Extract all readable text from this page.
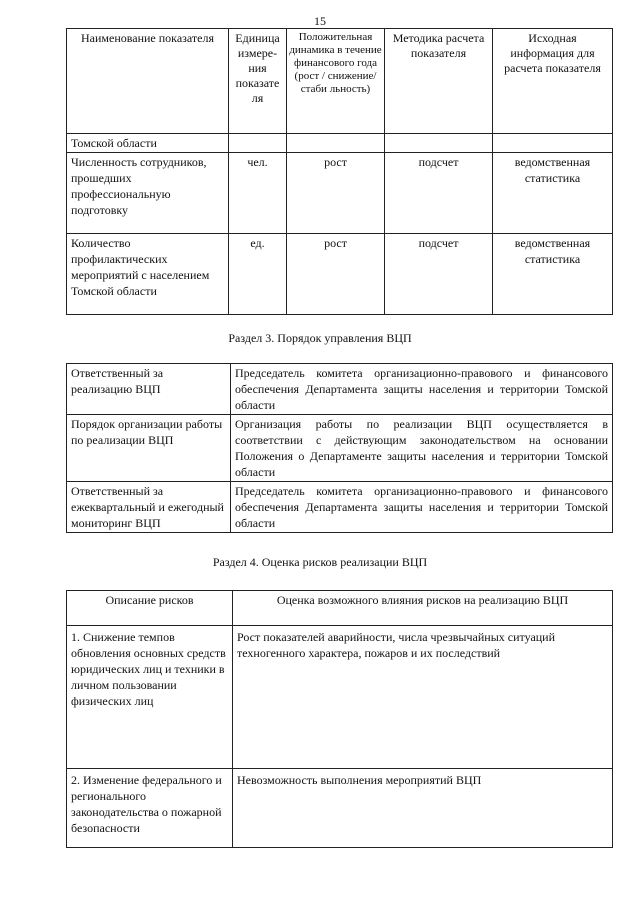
15
Наименование показателя	Единица измере-ния показате ля	Положительная динамика в течение финансового года (рост / снижение/стаби льность)	Методика расчета показателя	Исходная информация для расчета показателя
Томской области				
Численность сотрудников, прошедших профессиональную подготовку	чел.	рост	подсчет	ведомственная статистика
Количество профилактических мероприятий с населением Томской области	ед.	рост	подсчет	ведомственная статистика
Раздел 3. Порядок управления ВЦП
Ответственный за реализацию ВЦП	Председатель комитета организационно-правового и финансового обеспечения Департамента защиты населения и территории Томской области
Порядок организации работы по реализации ВЦП	Организация работы по реализации ВЦП осуществляется в соответствии с действующим законодательством на основании Положения о Департаменте защиты населения и территории Томской области
Ответственный за ежеквартальный и ежегодный мониторинг ВЦП	Председатель комитета организационно-правового и финансового обеспечения Департамента защиты населения и территории Томской области
Раздел 4. Оценка рисков реализации ВЦП
Описание рисков	Оценка возможного влияния рисков на реализацию ВЦП
1. Снижение темпов обновления основных средств юридических лиц и техники в личном пользовании физических лиц	Рост показателей аварийности, числа чрезвычайных ситуаций техногенного характера, пожаров и их последствий
2. Изменение федерального и регионального законодательства о пожарной безопасности	Невозможность выполнения мероприятий ВЦП
